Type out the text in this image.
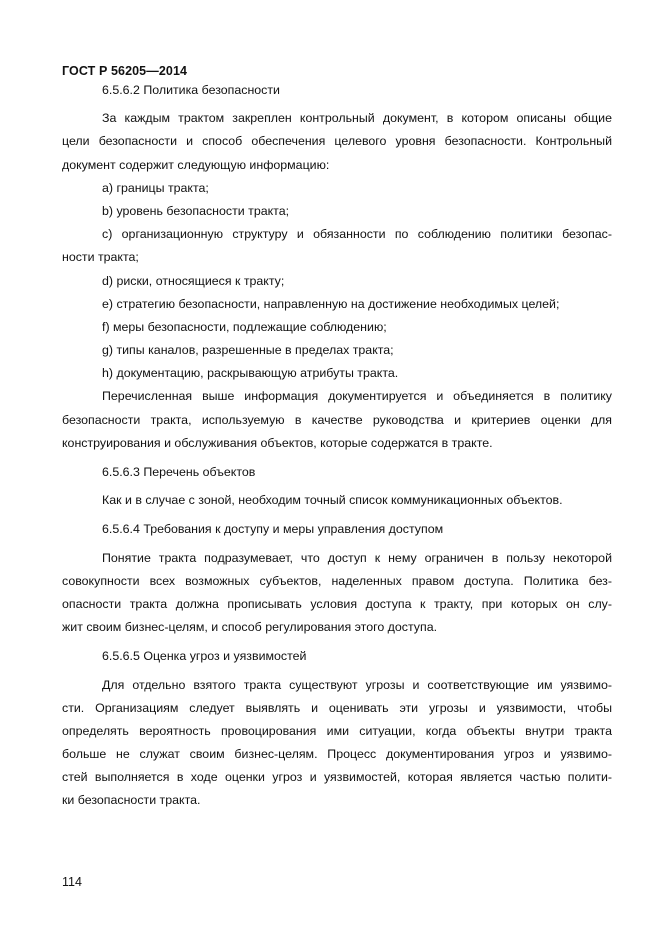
ГОСТ Р 56205—2014
6.5.6.2 Политика безопасности
За каждым трактом закреплен контрольный документ, в котором описаны общие
цели безопасности и способ обеспечения целевого уровня безопасности. Контрольный
документ содержит следующую информацию:
a) границы тракта;
b) уровень безопасности тракта;
c) организационную структуру и обязанности по соблюдению политики безопас-
ности тракта;
d) риски, относящиеся к тракту;
e) стратегию безопасности, направленную на достижение необходимых целей;
f) меры безопасности, подлежащие соблюдению;
g) типы каналов, разрешенные в пределах тракта;
h) документацию, раскрывающую атрибуты тракта.
Перечисленная выше информация документируется и объединяется в политику
безопасности тракта, используемую в качестве руководства и критериев оценки для
конструирования и обслуживания объектов, которые содержатся в тракте.
6.5.6.3 Перечень объектов
Как и в случае с зоной, необходим точный список коммуникационных объектов.
6.5.6.4 Требования к доступу и меры управления доступом
Понятие тракта подразумевает, что доступ к нему ограничен в пользу некоторой
совокупности всех возможных субъектов, наделенных правом доступа. Политика без-
опасности тракта должна прописывать условия доступа к тракту, при которых он слу-
жит своим бизнес-целям, и способ регулирования этого доступа.
6.5.6.5 Оценка угроз и уязвимостей
Для отдельно взятого тракта существуют угрозы и соответствующие им уязвимо-
сти. Организациям следует выявлять и оценивать эти угрозы и уязвимости, чтобы
определять вероятность провоцирования ими ситуации, когда объекты внутри тракта
больше не служат своим бизнес-целям. Процесс документирования угроз и уязвимо-
стей выполняется в ходе оценки угроз и уязвимостей, которая является частью полити-
ки безопасности тракта.
114
